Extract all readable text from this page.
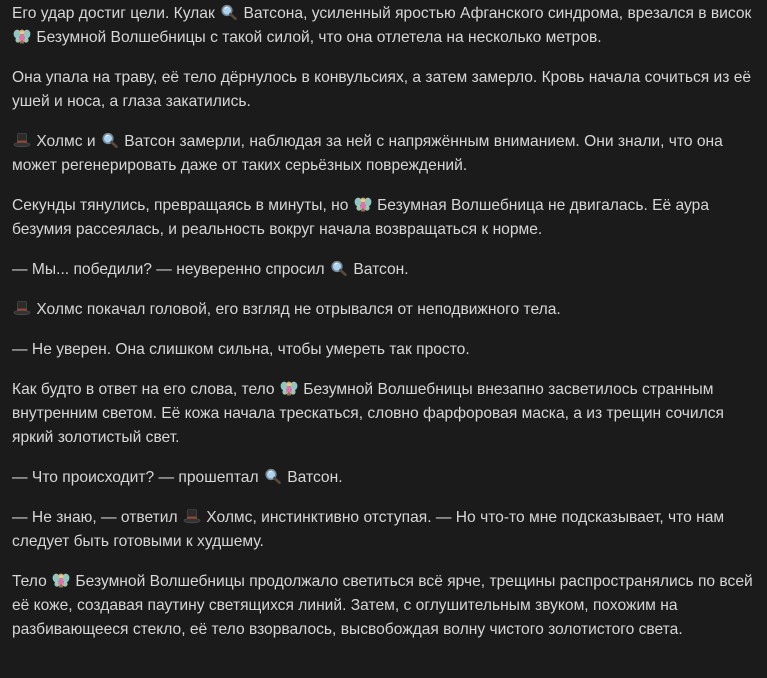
Его удар достиг цели. Кулак
Ватсона, усиленный яростью Афганского синдрома, врезался в висок
Безумной Волшебницы с такой силой, что она отлетела на несколько метров.

Она упала на траву, её тело дёрнулось в конвульсиях, а затем замерло. Кровь начала сочиться из её ушей и носа, а глаза закатились.

Холмс и
Ватсон замерли, наблюдая за ней с напряжённым вниманием. Они знали, что она может регенерировать даже от таких серьёзных повреждений.

Секунды тянулись, превращаясь в минуты, но
Безумная Волшебница не двигалась. Её аура безумия рассеялась, и реальность вокруг начала возвращаться к норме.

— Мы... победили? — неуверенно спросил
Ватсон.

Холмс покачал головой, его взгляд не отрывался от неподвижного тела.

— Не уверен. Она слишком сильна, чтобы умереть так просто.

Как будто в ответ на его слова, тело
Безумной Волшебницы внезапно засветилось странным внутренним светом. Её кожа начала трескаться, словно фарфоровая маска, а из трещин сочился яркий золотистый свет.

— Что происходит? — прошептал
Ватсон.

— Не знаю, — ответил
Холмс, инстинктивно отступая. — Но что-то мне подсказывает, что нам следует быть готовыми к худшему.

Тело
Безумной Волшебницы продолжало светиться всё ярче, трещины распространялись по всей её коже, создавая паутину светящихся линий. Затем, с оглушительным звуком, похожим на разбивающееся стекло, её тело взорвалось, высвобождая волну чистого золотистого света.
